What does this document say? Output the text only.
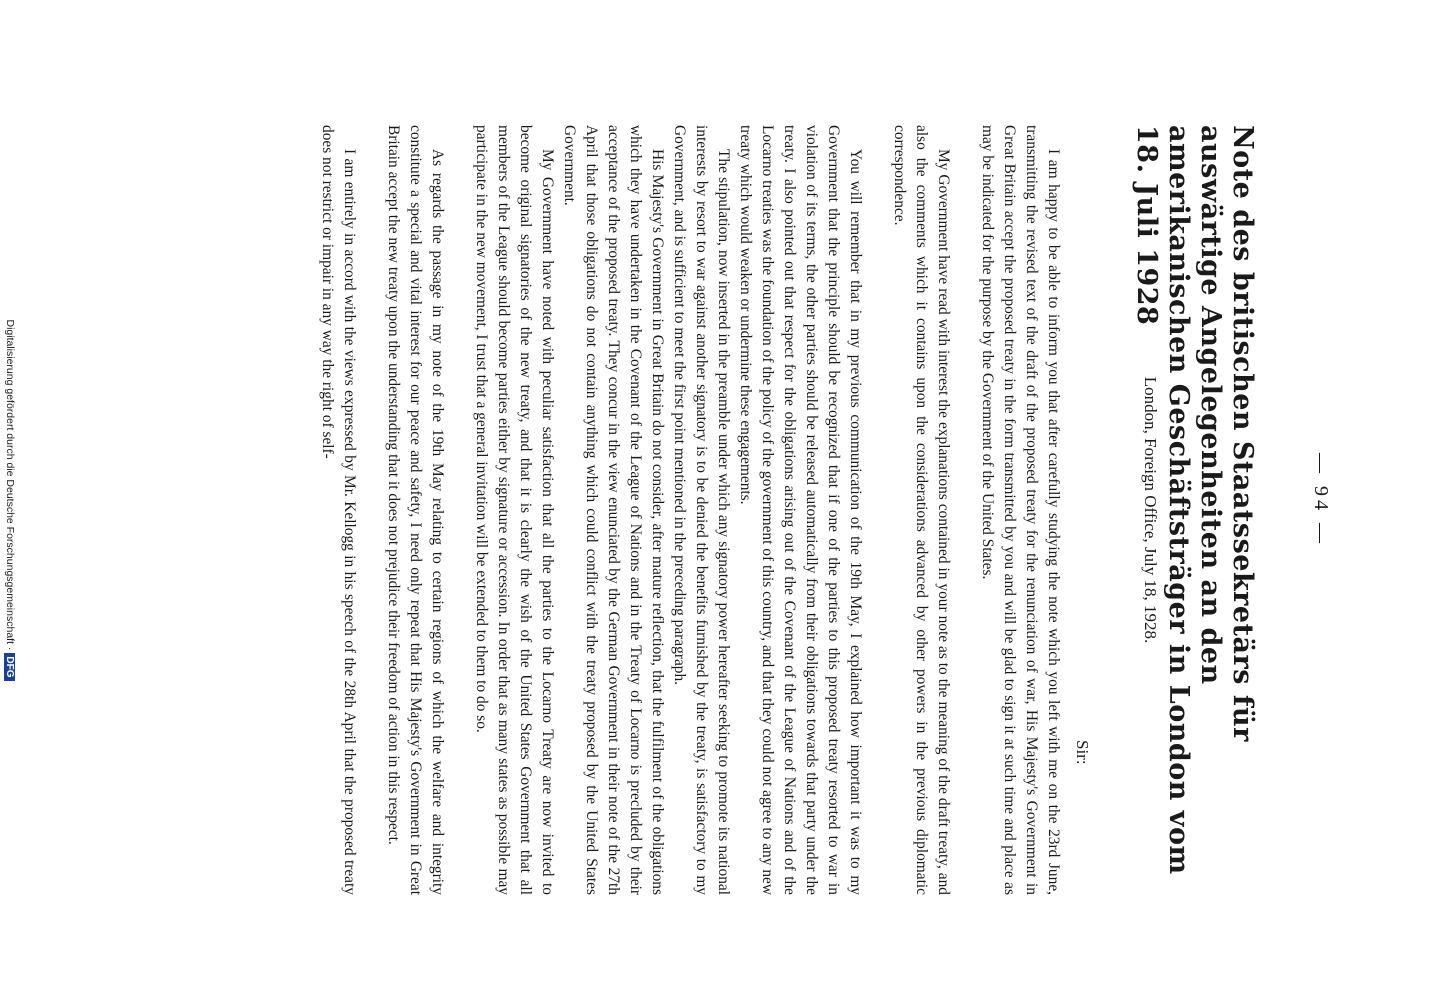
— 94 —
Note des britischen Staatssekretärs für auswärtige Angelegenheiten an den amerikanischen Geschäftsträger in London vom 18. Juli 1928
London, Foreign Office, July 18, 1928.
Sir:

I am happy to be able to inform you that after carefully studying the note which you left with me on the 23rd June, transmitting the revised text of the draft of the proposed treaty for the renunciation of war, His Majesty's Government in Great Britain accept the proposed treaty in the form transmitted by you and will be glad to sign it at such time and place as may be indicated for the purpose by the Government of the United States.

My Government have read with interest the explanations contained in your note as to the meaning of the draft treaty, and also the comments which it contains upon the considerations advanced by other powers in the previous diplomatic correspondence.

You will remember that in my previous communication of the 19th May, I explained how important it was to my Government that the principle should be recognized that if one of the parties to this proposed treaty resorted to war in violation of its terms, the other parties should be released automatically from their obligations towards that party under the treaty. I also pointed out that respect for the obligations arising out of the Covenant of the League of Nations and of the Locarno treaties was the foundation of the policy of the government of this country, and that they could not agree to any new treaty which would weaken or undermine these engagements.

The stipulation, now inserted in the preamble under which any signatory power hereafter seeking to promote its national interests by resort to war against another signatory is to be denied the benefits furnished by the treaty, is satisfactory to my Government, and is sufficient to meet the first point mentioned in the preceding paragraph.

His Majesty's Government in Great Britain do not consider, after mature reflection, that the fulfilment of the obligations which they have undertaken in the Covenant of the League of Nations and in the Treaty of Locarno is precluded by their acceptance of the proposed treaty. They concur in the view enunciated by the German Government in their note of the 27th April that those obligations do not contain anything which could conflict with the treaty proposed by the United States Government.

My Government have noted with peculiar satisfaction that all the parties to the Locarno Treaty are now invited to become original signatories of the new treaty, and that it is clearly the wish of the United States Government that all members of the League should become parties either by signature or accession. In order that as many states as possible may participate in the new movement, I trust that a general invitation will be extended to them to do so.

As regards the passage in my note of the 19th May relating to certain regions of which the welfare and integrity constitute a special and vital interest for our peace and safety, I need only repeat that His Majesty's Government in Great Britain accept the new treaty upon the understanding that it does not prejudice their freedom of action in this respect.

I am entirely in accord with the views expressed by Mr. Kellogg in his speech of the 28th April that the proposed treaty does not restrict or impair in any way the right of self-

Digitalisierung gefördert durch die Deutsche Forschungsgemeinschaft ·DFG
